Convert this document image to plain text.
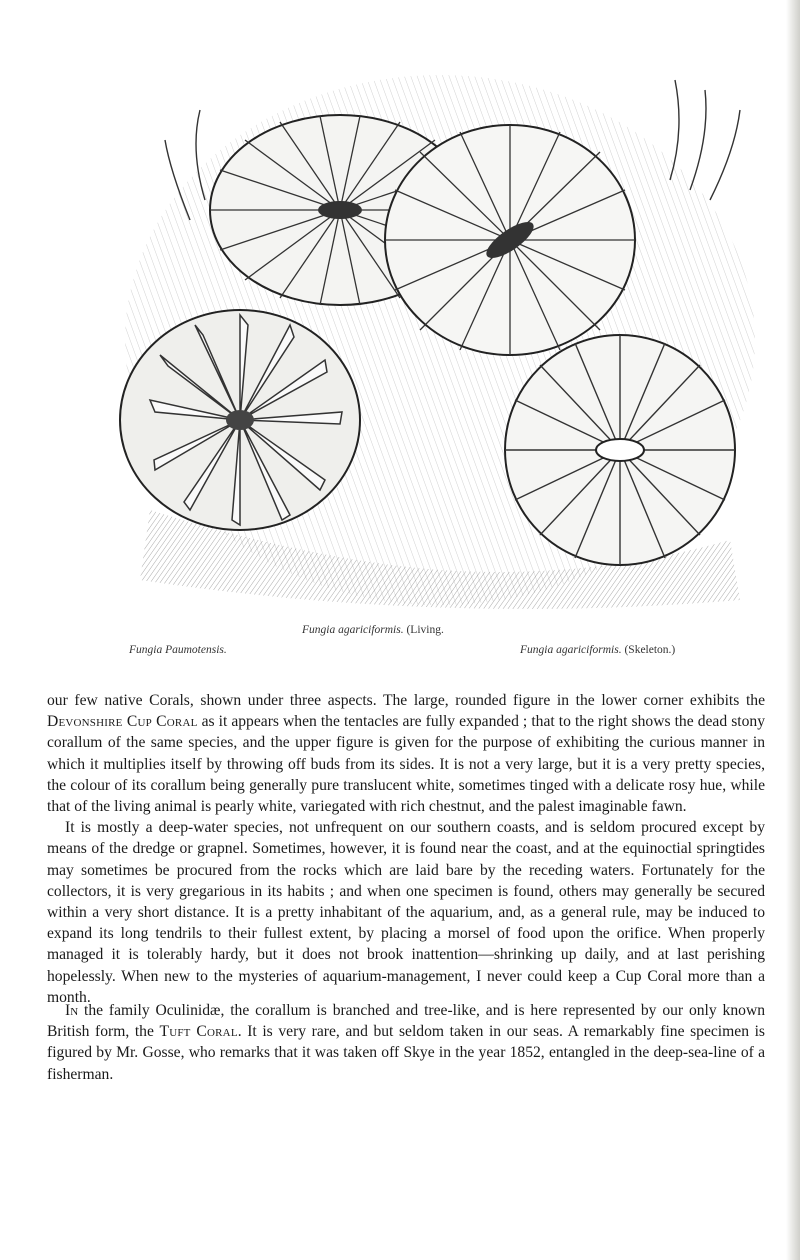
Fungia agariciformis. (Living.
Fungia Paumotensis.	Fungia agariciformis. (Skeleton.)

our few native Corals, shown under three aspects. The large, rounded figure in the lower corner exhibits the Devonshire Cup Coral as it appears when the tentacles are fully expanded ; that to the right shows the dead stony corallum of the same species, and the upper figure is given for the purpose of exhibiting the curious manner in which it multiplies itself by throwing off buds from its sides. It is not a very large, but it is a very pretty species, the colour of its corallum being generally pure translucent white, sometimes tinged with a delicate rosy hue, while that of the living animal is pearly white, variegated with rich chestnut, and the palest imaginable fawn.
It is mostly a deep-water species, not unfrequent on our southern coasts, and is seldom procured except by means of the dredge or grapnel. Sometimes, however, it is found near the coast, and at the equinoctial springtides may sometimes be procured from the rocks which are laid bare by the receding waters. Fortunately for the collectors, it is very gregarious in its habits ; and when one specimen is found, others may generally be secured within a very short distance. It is a pretty inhabitant of the aquarium, and, as a general rule, may be induced to expand its long tendrils to their fullest extent, by placing a morsel of food upon the orifice. When properly managed it is tolerably hardy, but it does not brook inattention—shrinking up daily, and at last perishing hopelessly. When new to the mysteries of aquarium-management, I never could keep a Cup Coral more than a month.

In the family Oculinidæ, the corallum is branched and tree-like, and is here represented by our only known British form, the Tuft Coral. It is very rare, and but seldom taken in our seas. A remarkably fine specimen is figured by Mr. Gosse, who remarks that it was taken off Skye in the year 1852, entangled in the deep-sea-line of a fisherman.
